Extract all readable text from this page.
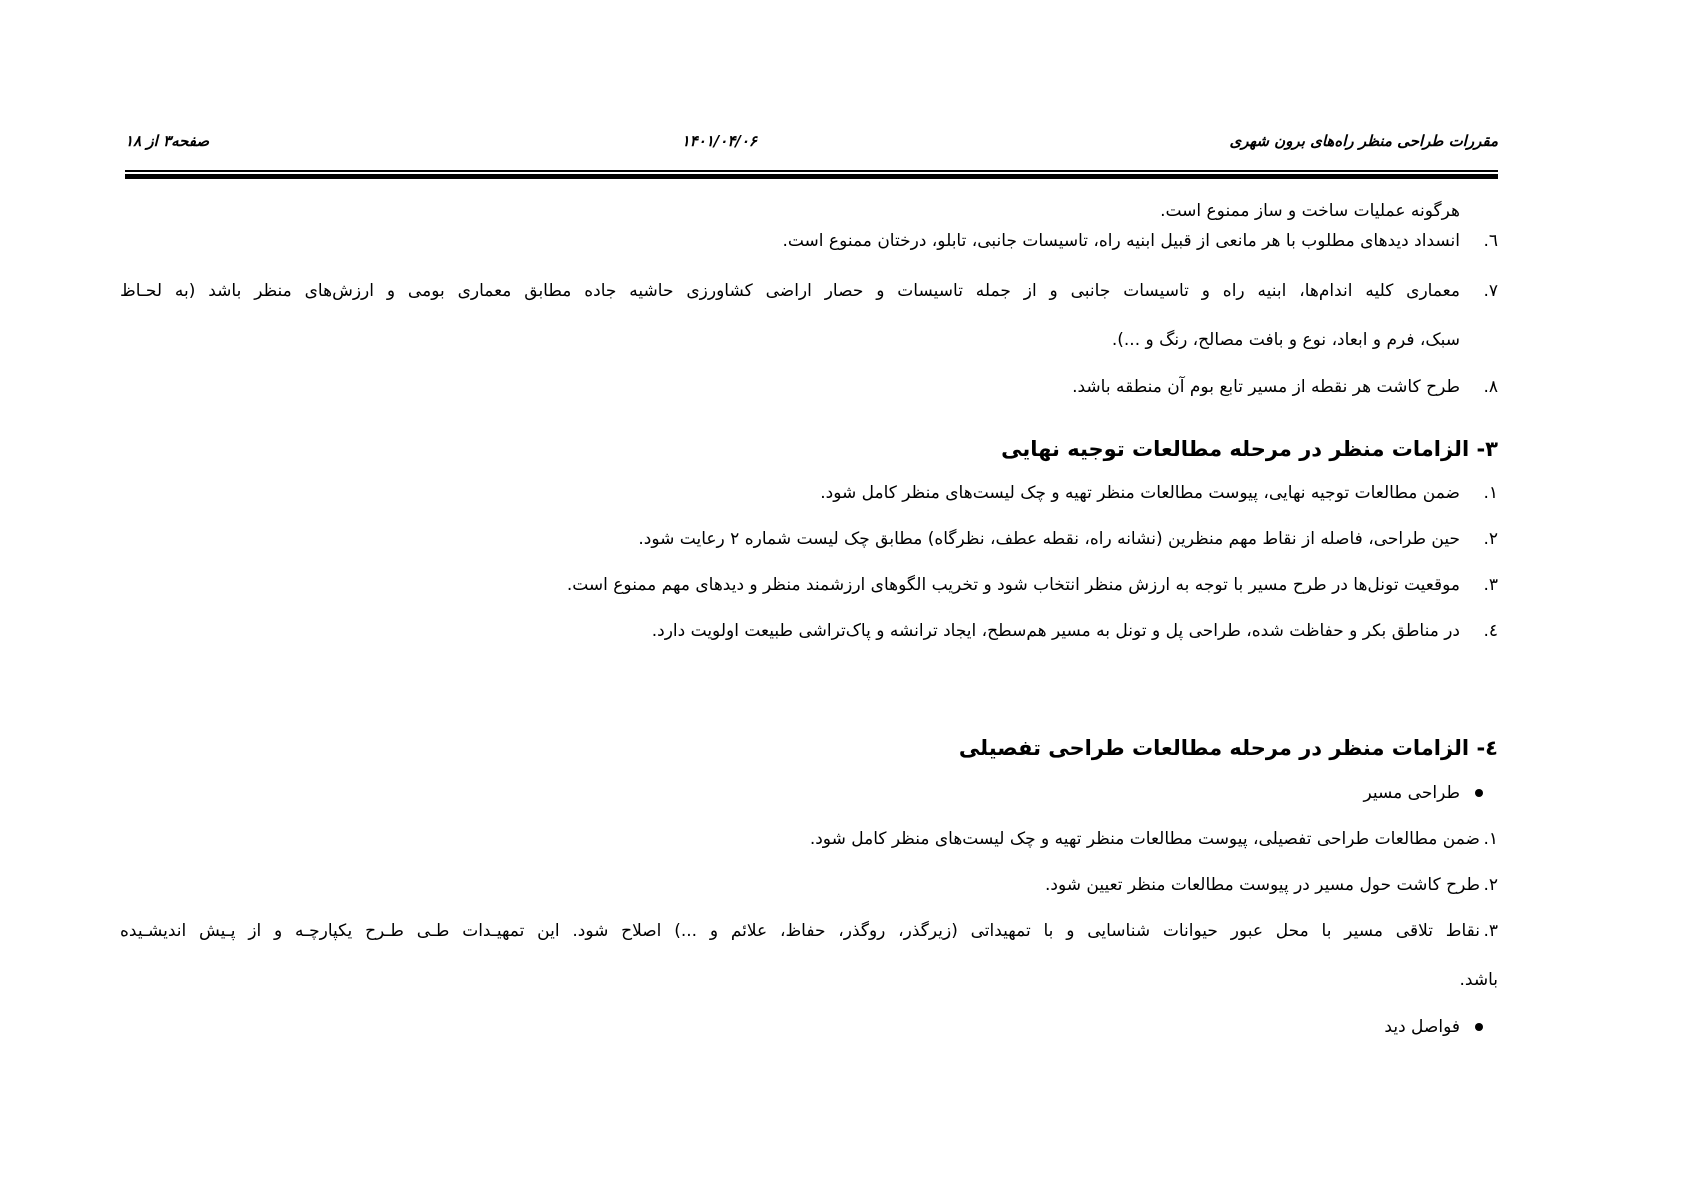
مقررات طراحی منظر راه‌های برون شهری
۱۴۰۱/۰۴/۰۶
صفحه۳ از ۱۸
هرگونه عملیات ساخت و ساز ممنوع است.
٦.
انسداد دیدهای مطلوب با هر مانعی از قبیل ابنیه راه، تاسیسات جانبی، تابلو، درختان ممنوع است.
٧.
معماری کلیه اندام‌ها، ابنیه راه و تاسیسات جانبی و از جمله تاسیسات و حصار اراضی کشاورزی حاشیه جاده مطابق معماری بومی و ارزش‌های منظر باشد (به لحـاظ
سبک، فرم و ابعاد، نوع و بافت مصالح، رنگ و ...).
٨.
طرح کاشت هر نقطه از مسیر تابع بوم آن منطقه باشد.
۳- الزامات منظر در مرحله مطالعات توجیه نهایی
١.
ضمن مطالعات توجیه نهایی، پیوست مطالعات منظر تهیه و چک لیست‌های منظر کامل شود.
٢.
حین طراحی، فاصله از نقاط مهم منظرین (نشانه راه، نقطه عطف، نظرگاه) مطابق چک لیست شماره ۲ رعایت شود.
٣.
موقعیت تونل‌ها در طرح مسیر با توجه به ارزش منظر انتخاب شود و تخریب الگوهای ارزشمند منظر و دیدهای مهم ممنوع است.
٤.
در مناطق بکر و حفاظت شده، طراحی پل و تونل به مسیر هم‌سطح، ایجاد ترانشه و پاک‌تراشی طبیعت اولویت دارد.
٤- الزامات منظر در مرحله مطالعات طراحی تفصیلی
طراحی مسیر
١.
ضمن مطالعات طراحی تفصیلی، پیوست مطالعات منظر تهیه و چک لیست‌های منظر کامل شود.
٢.
طرح کاشت حول مسیر در پیوست مطالعات منظر تعیین شود.
٣.
نقاط تلاقی مسیر با محل عبور حیوانات شناسایی و با تمهیداتی (زیرگذر، روگذر، حفاظ، علائم و ...) اصلاح شود. این تمهیـدات طـی طـرح یکپارچـه و از پـیش اندیشـیده
باشد.
فواصل دید
